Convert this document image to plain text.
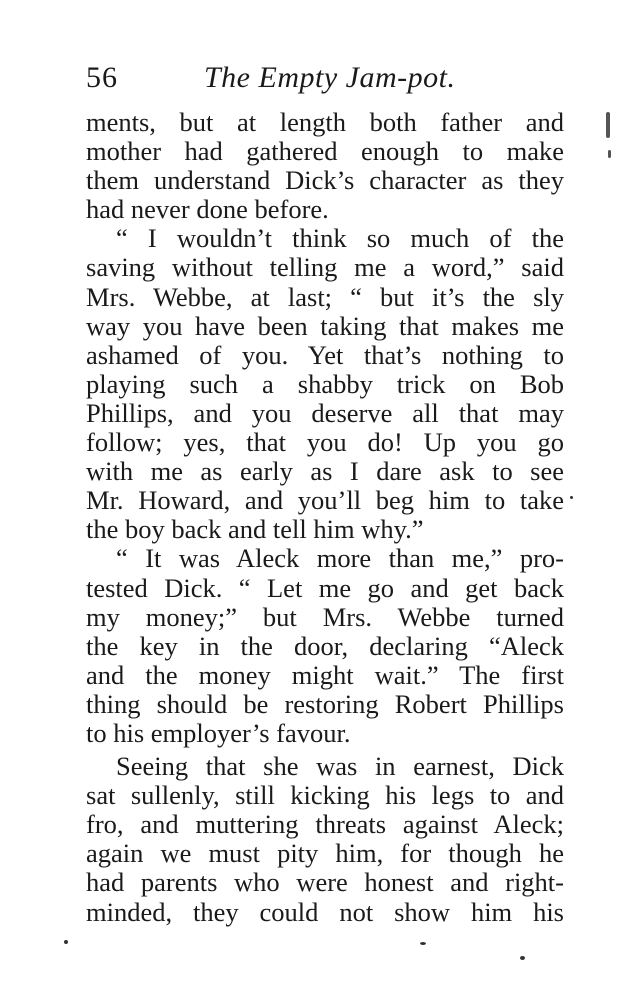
56	The Empty Jam-pot.
ments, but at length both father and
mother had gathered enough to make
them understand Dick’s character as they
had never done before.
“ I wouldn’t think so much of the
saving without telling me a word,” said
Mrs. Webbe, at last; “ but it’s the sly
way you have been taking that makes me
ashamed of you. Yet that’s nothing to
playing such a shabby trick on Bob
Phillips, and you deserve all that may
follow; yes, that you do! Up you go
with me as early as I dare ask to see
Mr. Howard, and you’ll beg him to take
the boy back and tell him why.”
“ It was Aleck more than me,” pro-
tested Dick. “ Let me go and get back
my money;” but Mrs. Webbe turned
the key in the door, declaring “Aleck
and the money might wait.” The first
thing should be restoring Robert Phillips
to his employer’s favour.
Seeing that she was in earnest, Dick
sat sullenly, still kicking his legs to and
fro, and muttering threats against Aleck;
again we must pity him, for though he
had parents who were honest and right-
minded, they could not show him his
